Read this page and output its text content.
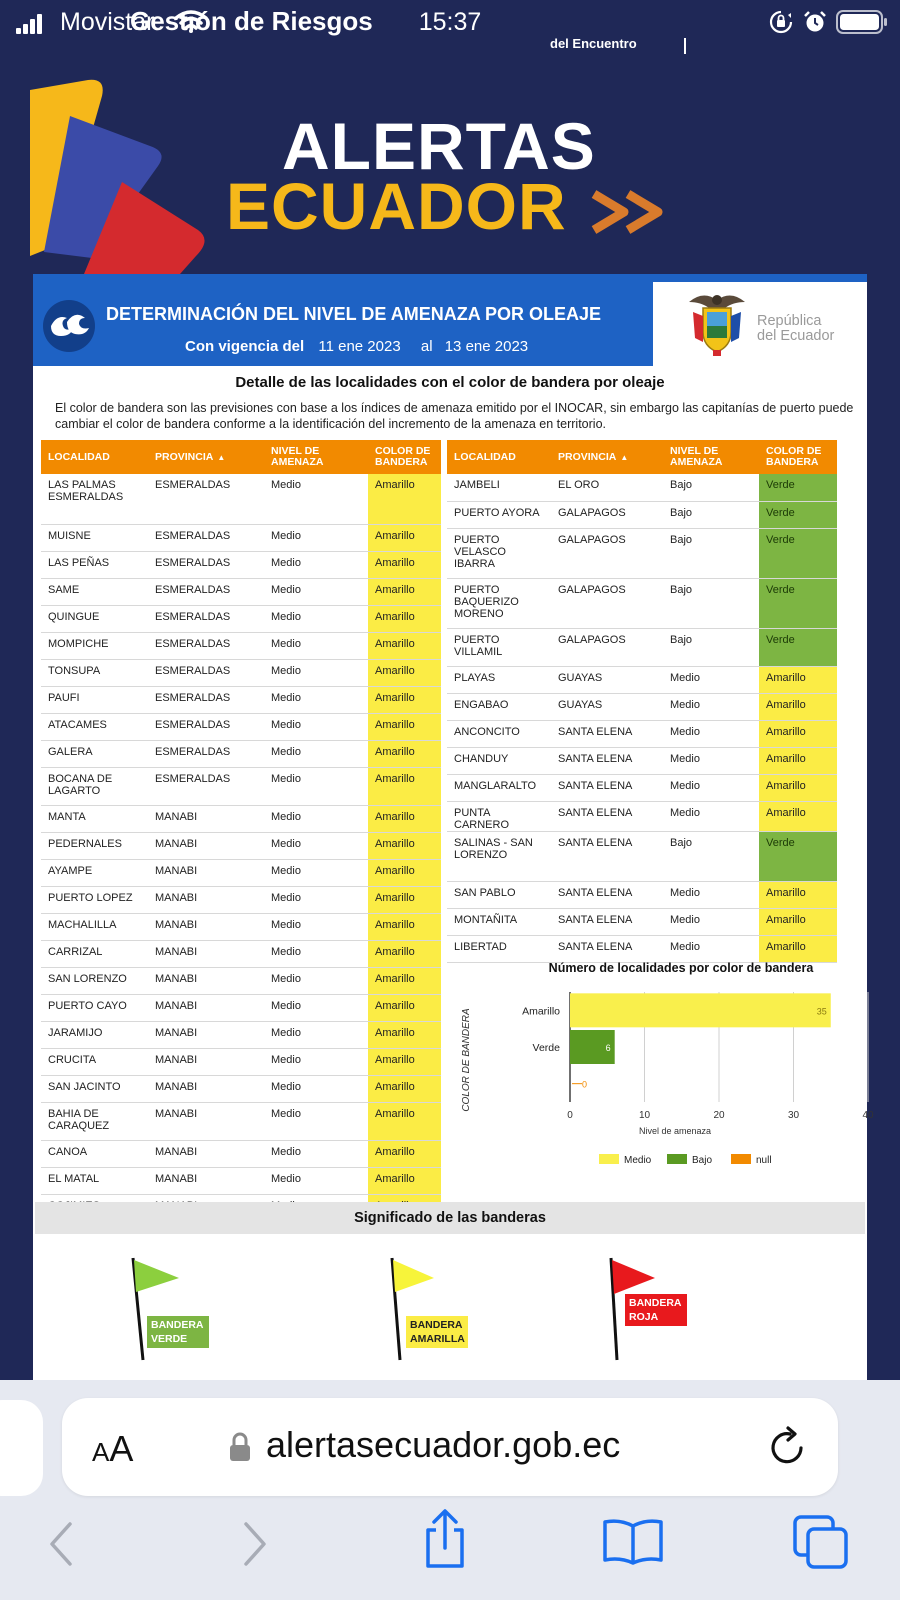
Movistar	15:37
Gestión de Riesgos
del Encuentro
ALERTAS
ECUADOR
DETERMINACIÓN DEL NIVEL DE AMENAZA POR OLEAJE
Con vigencia del 11 ene 2023 al 13 ene 2023
República
del Ecuador
Detalle de las localidades con el color de bandera por oleaje
El color de bandera son las previsiones con base a los índices de amenaza emitido por el INOCAR, sin embargo las capitanías de puerto puede cambiar el color de bandera conforme a la identificación del incremento de la amenaza en territorio.
LOCALIDAD	PROVINCIA ▲	NIVEL DE AMENAZA	COLOR DE BANDERA
LAS PALMAS ESMERALDAS	ESMERALDAS	Medio	Amarillo
MUISNE	ESMERALDAS	Medio	Amarillo
LAS PEÑAS	ESMERALDAS	Medio	Amarillo
SAME	ESMERALDAS	Medio	Amarillo
QUINGUE	ESMERALDAS	Medio	Amarillo
MOMPICHE	ESMERALDAS	Medio	Amarillo
TONSUPA	ESMERALDAS	Medio	Amarillo
PAUFI	ESMERALDAS	Medio	Amarillo
ATACAMES	ESMERALDAS	Medio	Amarillo
GALERA	ESMERALDAS	Medio	Amarillo
BOCANA DE LAGARTO	ESMERALDAS	Medio	Amarillo
MANTA	MANABI	Medio	Amarillo
PEDERNALES	MANABI	Medio	Amarillo
AYAMPE	MANABI	Medio	Amarillo
PUERTO LOPEZ	MANABI	Medio	Amarillo
MACHALILLA	MANABI	Medio	Amarillo
CARRIZAL	MANABI	Medio	Amarillo
SAN LORENZO	MANABI	Medio	Amarillo
PUERTO CAYO	MANABI	Medio	Amarillo
JARAMIJO	MANABI	Medio	Amarillo
CRUCITA	MANABI	Medio	Amarillo
SAN JACINTO	MANABI	Medio	Amarillo
BAHIA DE CARAQUEZ	MANABI	Medio	Amarillo
CANOA	MANABI	Medio	Amarillo
EL MATAL	MANABI	Medio	Amarillo

LOCALIDAD	PROVINCIA ▲	NIVEL DE AMENAZA	COLOR DE BANDERA
JAMBELI	EL ORO	Bajo	Verde
PUERTO AYORA	GALAPAGOS	Bajo	Verde
PUERTO VELASCO IBARRA	GALAPAGOS	Bajo	Verde
PUERTO BAQUERIZO MORENO	GALAPAGOS	Bajo	Verde
PUERTO VILLAMIL	GALAPAGOS	Bajo	Verde
PLAYAS	GUAYAS	Medio	Amarillo
ENGABAO	GUAYAS	Medio	Amarillo
ANCONCITO	SANTA ELENA	Medio	Amarillo
CHANDUY	SANTA ELENA	Medio	Amarillo
MANGLARALTO	SANTA ELENA	Medio	Amarillo
PUNTA CARNERO	SANTA ELENA	Medio	Amarillo
SALINAS - SAN LORENZO	SANTA ELENA	Bajo	Verde
SAN PABLO	SANTA ELENA	Medio	Amarillo
MONTAÑITA	SANTA ELENA	Medio	Amarillo
LIBERTAD	SANTA ELENA	Medio	Amarillo
Número de localidades por color de bandera
COLOR DE BANDERA
Nivel de amenaza
0	10	20	30	40
Amarillo	35
Verde	6
0
Medio	Bajo	null
Significado de las banderas
BANDERA VERDE
BANDERA AMARILLA
BANDERA ROJA
AA	alertasecuador.gob.ec
